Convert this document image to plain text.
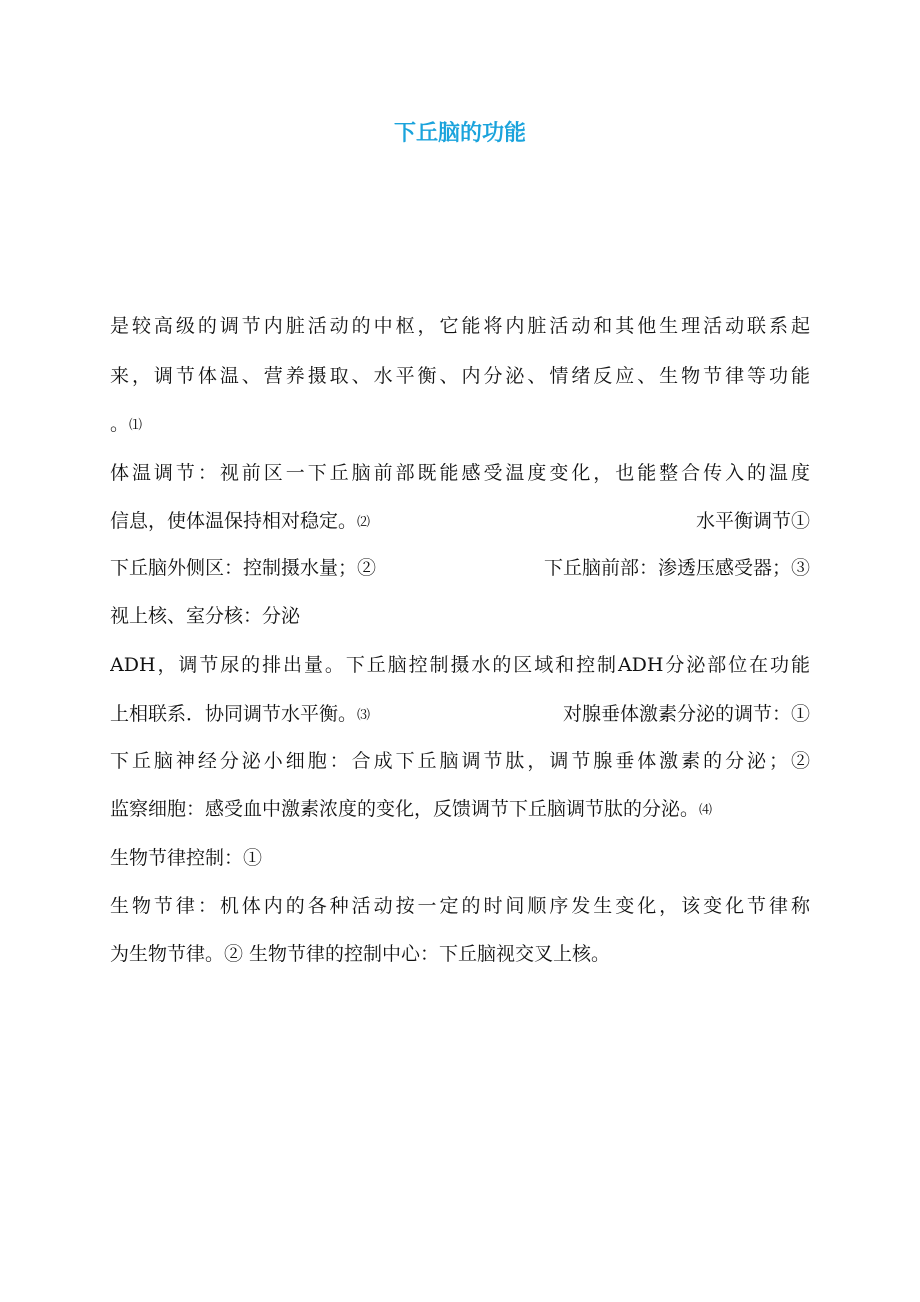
下丘脑的功能
是较高级的调节内脏活动的中枢，它能将内脏活动和其他生理活动联系起
来，调节体温、营养摄取、水平衡、内分泌、情绪反应、生物节律等功能
。⑴
体温调节：视前区一下丘脑前部既能感受温度变化，也能整合传入的温度
信息，使体温保持相对稳定。⑵	水平衡调节①
下丘脑外侧区：控制摄水量；②	下丘脑前部：渗透压感受器；③
视上核、室分核：分泌
ADH，调节尿的排出量。下丘脑控制摄水的区域和控制ADH分泌部位在功能
上相联系．协同调节水平衡。⑶	对腺垂体激素分泌的调节：①
下丘脑神经分泌小细胞：合成下丘脑调节肽，调节腺垂体激素的分泌；②
监察细胞：感受血中激素浓度的变化，反馈调节下丘脑调节肽的分泌。⑷
生物节律控制：①
生物节律：机体内的各种活动按一定的时间顺序发生变化，该变化节律称
为生物节律。② 生物节律的控制中心：下丘脑视交叉上核。
